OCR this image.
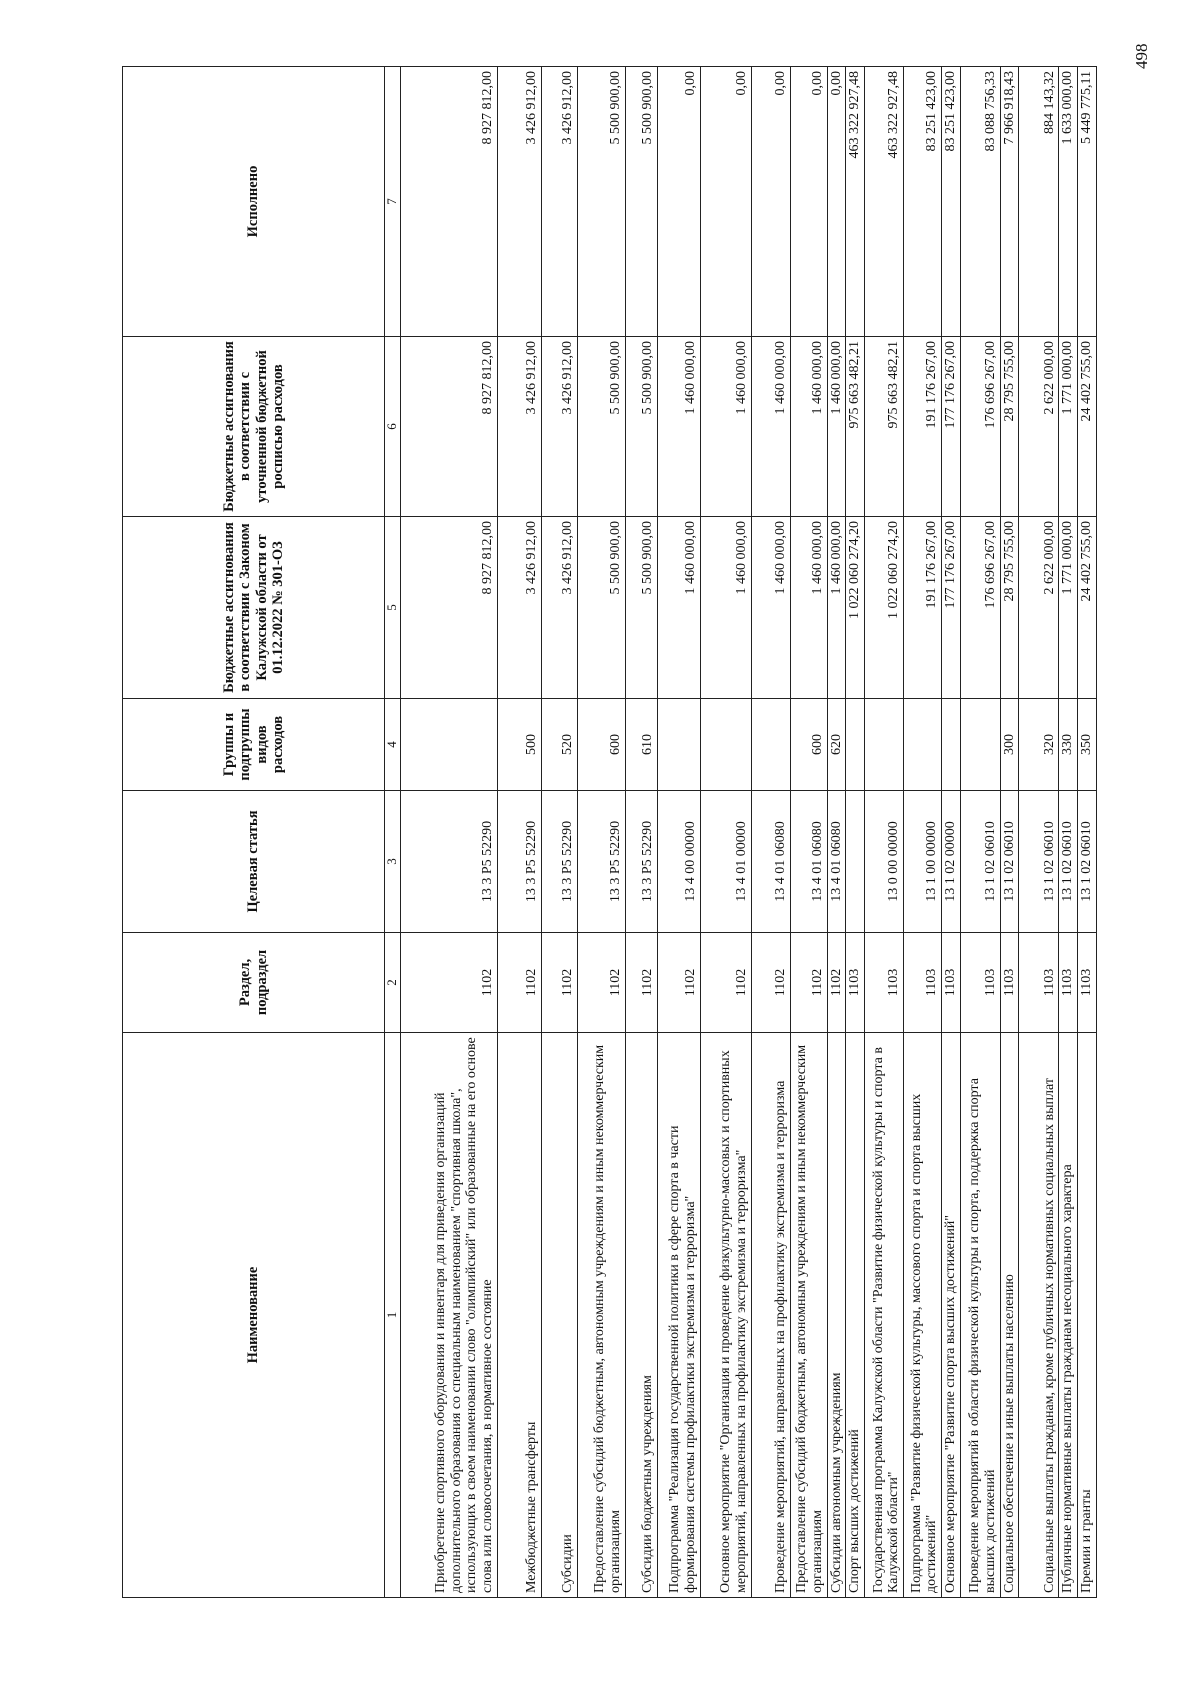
498
Наименование	Раздел, подраздел	Целевая статья	Группы и подгруппы видов расходов	Бюджетные ассигнования в соответствии с Законом Калужской области от 01.12.2022 № 301-ОЗ	Бюджетные ассигнования в соответствии с уточненной бюджетной росписью расходов	Исполнено
1	2	3	4	5	6	7
Приобретение спортивного оборудования и инвентаря для приведения организаций дополнительного образования со специальным наименованием "спортивная школа", использующих в своем наименовании слово "олимпийский" или образованные на его основе слова или словосочетания, в нормативное состояние	1102	13 3 Р5 52290		8 927 812,00	8 927 812,00	8 927 812,00
Межбюджетные трансферты	1102	13 3 Р5 52290	500	3 426 912,00	3 426 912,00	3 426 912,00
Субсидии	1102	13 3 Р5 52290	520	3 426 912,00	3 426 912,00	3 426 912,00
Предоставление субсидий бюджетным, автономным учреждениям и иным некоммерческим организациям	1102	13 3 Р5 52290	600	5 500 900,00	5 500 900,00	5 500 900,00
Субсидии бюджетным учреждениям	1102	13 3 Р5 52290	610	5 500 900,00	5 500 900,00	5 500 900,00
Подпрограмма "Реализация государственной политики в сфере спорта в части формирования системы профилактики экстремизма и терроризма"	1102	13 4 00 00000		1 460 000,00	1 460 000,00	0,00
Основное мероприятие "Организация и проведение физкультурно-массовых и спортивных мероприятий, направленных на профилактику экстремизма и терроризма"	1102	13 4 01 00000		1 460 000,00	1 460 000,00	0,00
Проведение мероприятий, направленных на профилактику экстремизма и терроризма	1102	13 4 01 06080		1 460 000,00	1 460 000,00	0,00
Предоставление субсидий бюджетным, автономным учреждениям и иным некоммерческим организациям	1102	13 4 01 06080	600	1 460 000,00	1 460 000,00	0,00
Субсидии автономным учреждениям	1102	13 4 01 06080	620	1 460 000,00	1 460 000,00	0,00
Спорт высших достижений	1103			1 022 060 274,20	975 663 482,21	463 322 927,48
Государственная программа Калужской области "Развитие физической культуры и спорта в Калужской области"	1103	13 0 00 00000		1 022 060 274,20	975 663 482,21	463 322 927,48
Подпрограмма "Развитие физической культуры, массового спорта и спорта высших достижений"	1103	13 1 00 00000		191 176 267,00	191 176 267,00	83 251 423,00
Основное мероприятие "Развитие спорта высших достижений"	1103	13 1 02 00000		177 176 267,00	177 176 267,00	83 251 423,00
Проведение мероприятий в области физической культуры и спорта, поддержка спорта высших достижений	1103	13 1 02 06010		176 696 267,00	176 696 267,00	83 088 756,33
Социальное обеспечение и иные выплаты населению	1103	13 1 02 06010	300	28 795 755,00	28 795 755,00	7 966 918,43
Социальные выплаты гражданам, кроме публичных нормативных социальных выплат	1103	13 1 02 06010	320	2 622 000,00	2 622 000,00	884 143,32
Публичные нормативные выплаты гражданам несоциального характера	1103	13 1 02 06010	330	1 771 000,00	1 771 000,00	1 633 000,00
Премии и гранты	1103	13 1 02 06010	350	24 402 755,00	24 402 755,00	5 449 775,11
